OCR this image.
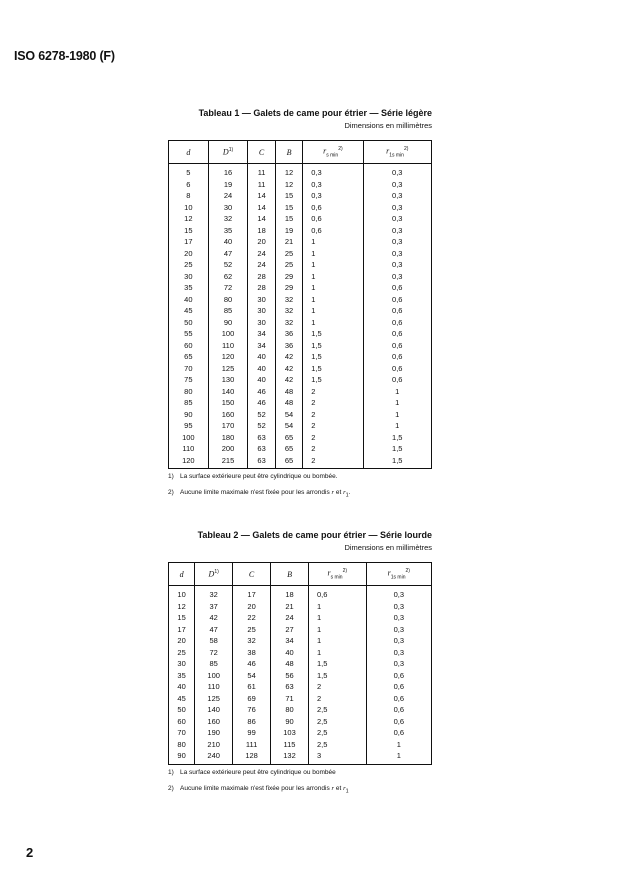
ISO 6278-1980 (F)
Tableau 1 — Galets de came pour étrier — Série légère
Dimensions en millimètres
d	$D^{1)}$	C	B	$r_{s min}^{2)}$	$r_{1s min}^{2)}$
5	16	11	12	0,3	0,3
6	19	11	12	0,3	0,3
8	24	14	15	0,3	0,3
10	30	14	15	0,6	0,3
12	32	14	15	0,6	0,3
15	35	18	19	0,6	0,3
17	40	20	21	1	0,3
20	47	24	25	1	0,3
25	52	24	25	1	0,3
30	62	28	29	1	0,3
35	72	28	29	1	0,6
40	80	30	32	1	0,6
45	85	30	32	1	0,6
50	90	30	32	1	0,6
55	100	34	36	1,5	0,6
60	110	34	36	1,5	0,6
65	120	40	42	1,5	0,6
70	125	40	42	1,5	0,6
75	130	40	42	1,5	0,6
80	140	46	48	2	1
85	150	46	48	2	1
90	160	52	54	2	1
95	170	52	54	2	1
100	180	63	65	2	1,5
110	200	63	65	2	1,5
120	215	63	65	2	1,5
1) La surface extérieure peut être cylindrique ou bombée.
2) Aucune limite maximale n'est fixée pour les arrondis r et $r_1$.
Tableau 2 — Galets de came pour étrier — Série lourde
Dimensions en millimètres
d	$D^{1)}$	C	B	$r_{s min}^{2)}$	$r_{1s min}^{2)}$
10	32	17	18	0,6	0,3
12	37	20	21	1	0,3
15	42	22	24	1	0,3
17	47	25	27	1	0,3
20	58	32	34	1	0,3
25	72	38	40	1	0,3
30	85	46	48	1,5	0,3
35	100	54	56	1,5	0,6
40	110	61	63	2	0,6
45	125	69	71	2	0,6
50	140	76	80	2,5	0,6
60	160	86	90	2,5	0,6
70	190	99	103	2,5	0,6
80	210	111	115	2,5	1
90	240	128	132	3	1
1) La surface extérieure peut être cylindrique ou bombée
2) Aucune limite maximale n'est fixée pour les arrondis r et $r_1$
2
